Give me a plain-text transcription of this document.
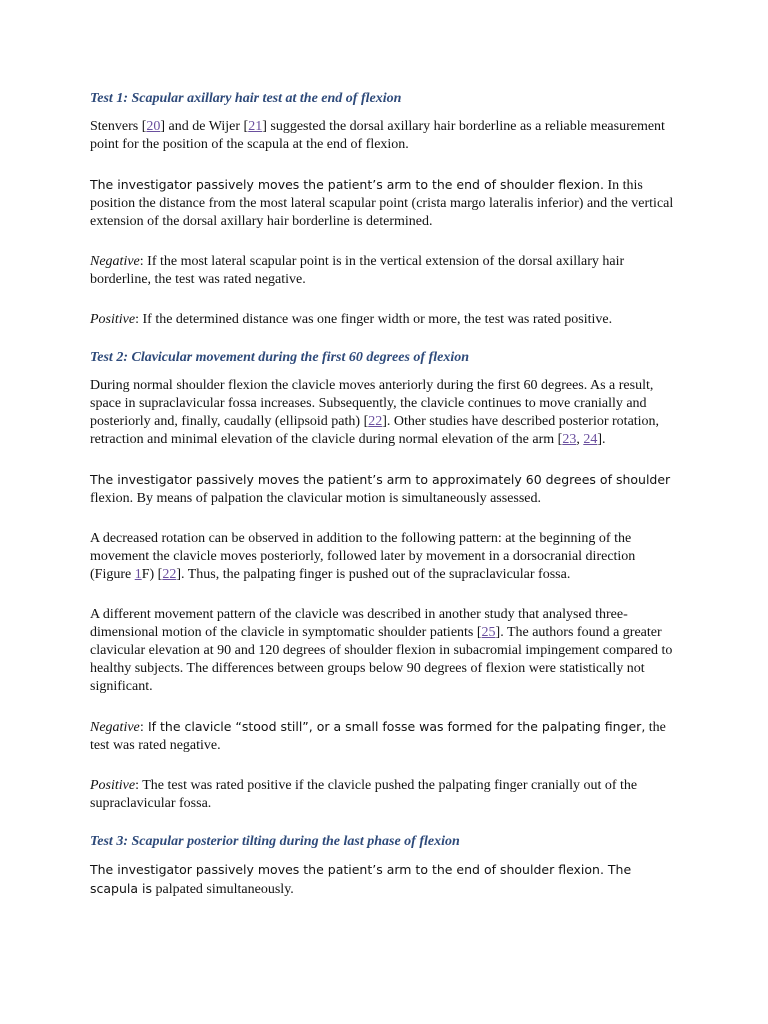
Test 1: Scapular axillary hair test at the end of flexion

Stenvers [20] and de Wijer [21] suggested the dorsal axillary hair borderline as a reliable measurement point for the position of the scapula at the end of flexion.

The investigator passively moves the patient’s arm to the end of shoulder flexion. In this position the distance from the most lateral scapular point (crista margo lateralis inferior) and the vertical extension of the dorsal axillary hair borderline is determined.

Negative: If the most lateral scapular point is in the vertical extension of the dorsal axillary hair borderline, the test was rated negative.

Positive: If the determined distance was one finger width or more, the test was rated positive.

Test 2: Clavicular movement during the first 60 degrees of flexion

During normal shoulder flexion the clavicle moves anteriorly during the first 60 degrees. As a result, space in supraclavicular fossa increases. Subsequently, the clavicle continues to move cranially and posteriorly and, finally, caudally (ellipsoid path) [22]. Other studies have described posterior rotation, retraction and minimal elevation of the clavicle during normal elevation of the arm [23, 24].

The investigator passively moves the patient’s arm to approximately 60 degrees of shoulder flexion. By means of palpation the clavicular motion is simultaneously assessed.

A decreased rotation can be observed in addition to the following pattern: at the beginning of the movement the clavicle moves posteriorly, followed later by movement in a dorsocranial direction (Figure 1F) [22]. Thus, the palpating finger is pushed out of the supraclavicular fossa.

A different movement pattern of the clavicle was described in another study that analysed three-dimensional motion of the clavicle in symptomatic shoulder patients [25]. The authors found a greater clavicular elevation at 90 and 120 degrees of shoulder flexion in subacromial impingement compared to healthy subjects. The differences between groups below 90 degrees of flexion were statistically not significant.

Negative: If the clavicle “stood still”, or a small fosse was formed for the palpating finger, the test was rated negative.

Positive: The test was rated positive if the clavicle pushed the palpating finger cranially out of the supraclavicular fossa.

Test 3: Scapular posterior tilting during the last phase of flexion

The investigator passively moves the patient’s arm to the end of shoulder flexion. The scapula is palpated simultaneously.
